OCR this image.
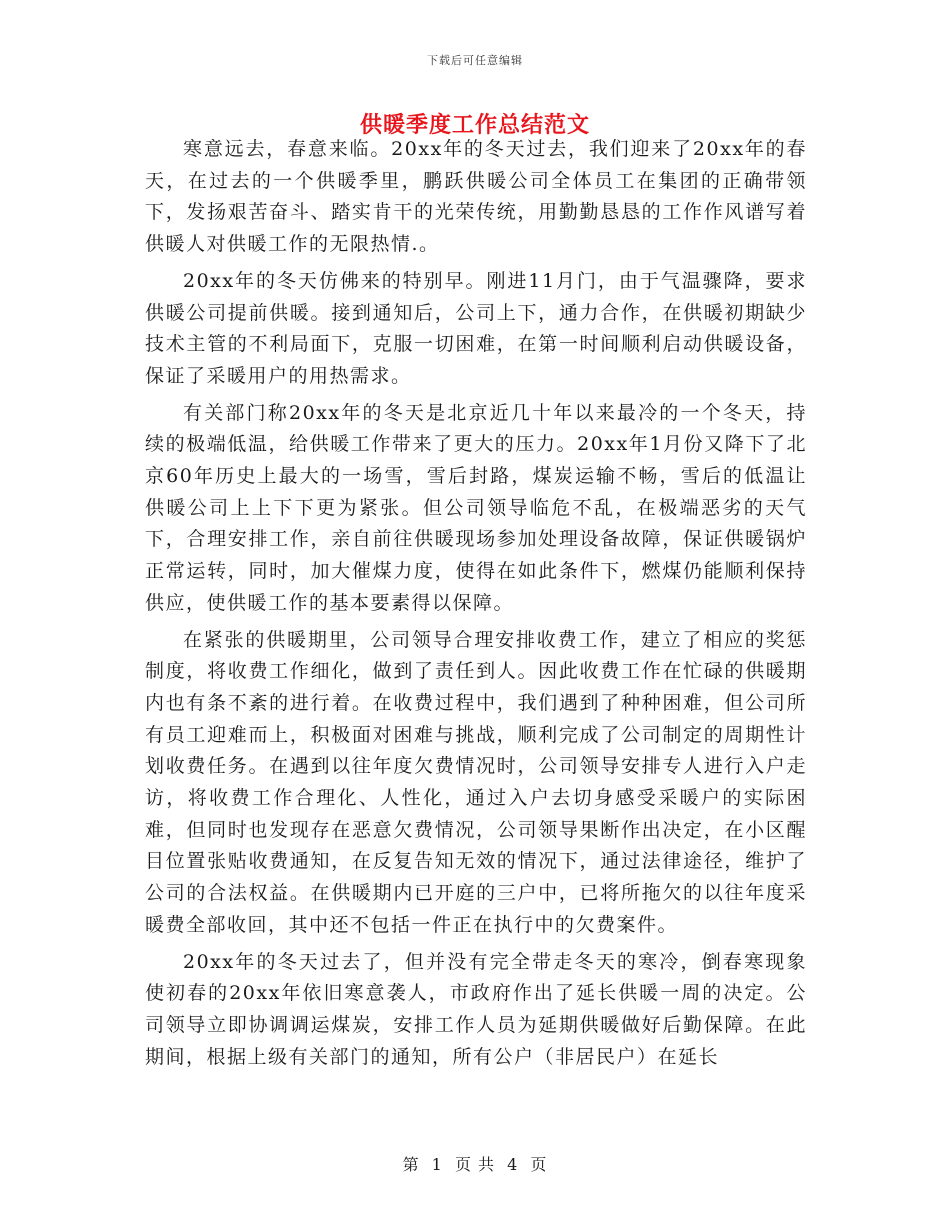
下载后可任意编辑
供暖季度工作总结范文

寒意远去，春意来临。20xx年的冬天过去，我们迎来了20xx年的春天，在过去的一个供暖季里，鹏跃供暖公司全体员工在集团的正确带领下，发扬艰苦奋斗、踏实肯干的光荣传统，用勤勤恳恳的工作作风谱写着供暖人对供暖工作的无限热情.。

20xx年的冬天仿佛来的特别早。刚进11月门，由于气温骤降，要求供暖公司提前供暖。接到通知后，公司上下，通力合作，在供暖初期缺少技术主管的不利局面下，克服一切困难，在第一时间顺利启动供暖设备，保证了采暖用户的用热需求。

有关部门称20xx年的冬天是北京近几十年以来最冷的一个冬天，持续的极端低温，给供暖工作带来了更大的压力。20xx年1月份又降下了北京60年历史上最大的一场雪，雪后封路，煤炭运输不畅，雪后的低温让供暖公司上上下下更为紧张。但公司领导临危不乱，在极端恶劣的天气下，合理安排工作，亲自前往供暖现场参加处理设备故障，保证供暖锅炉正常运转，同时，加大催煤力度，使得在如此条件下，燃煤仍能顺利保持供应，使供暖工作的基本要素得以保障。

在紧张的供暖期里，公司领导合理安排收费工作，建立了相应的奖惩制度，将收费工作细化，做到了责任到人。因此收费工作在忙碌的供暖期内也有条不紊的进行着。在收费过程中，我们遇到了种种困难，但公司所有员工迎难而上，积极面对困难与挑战，顺利完成了公司制定的周期性计划收费任务。在遇到以往年度欠费情况时，公司领导安排专人进行入户走访，将收费工作合理化、人性化，通过入户去切身感受采暖户的实际困难，但同时也发现存在恶意欠费情况，公司领导果断作出决定，在小区醒目位置张贴收费通知，在反复告知无效的情况下，通过法律途径，维护了公司的合法权益。在供暖期内已开庭的三户中，已将所拖欠的以往年度采暖费全部收回，其中还不包括一件正在执行中的欠费案件。

20xx年的冬天过去了，但并没有完全带走冬天的寒冷，倒春寒现象使初春的20xx年依旧寒意袭人，市政府作出了延长供暖一周的决定。公司领导立即协调调运煤炭，安排工作人员为延期供暖做好后勤保障。在此期间，根据上级有关部门的通知，所有公户（非居民户）在延长

第 1 页 共 4 页
